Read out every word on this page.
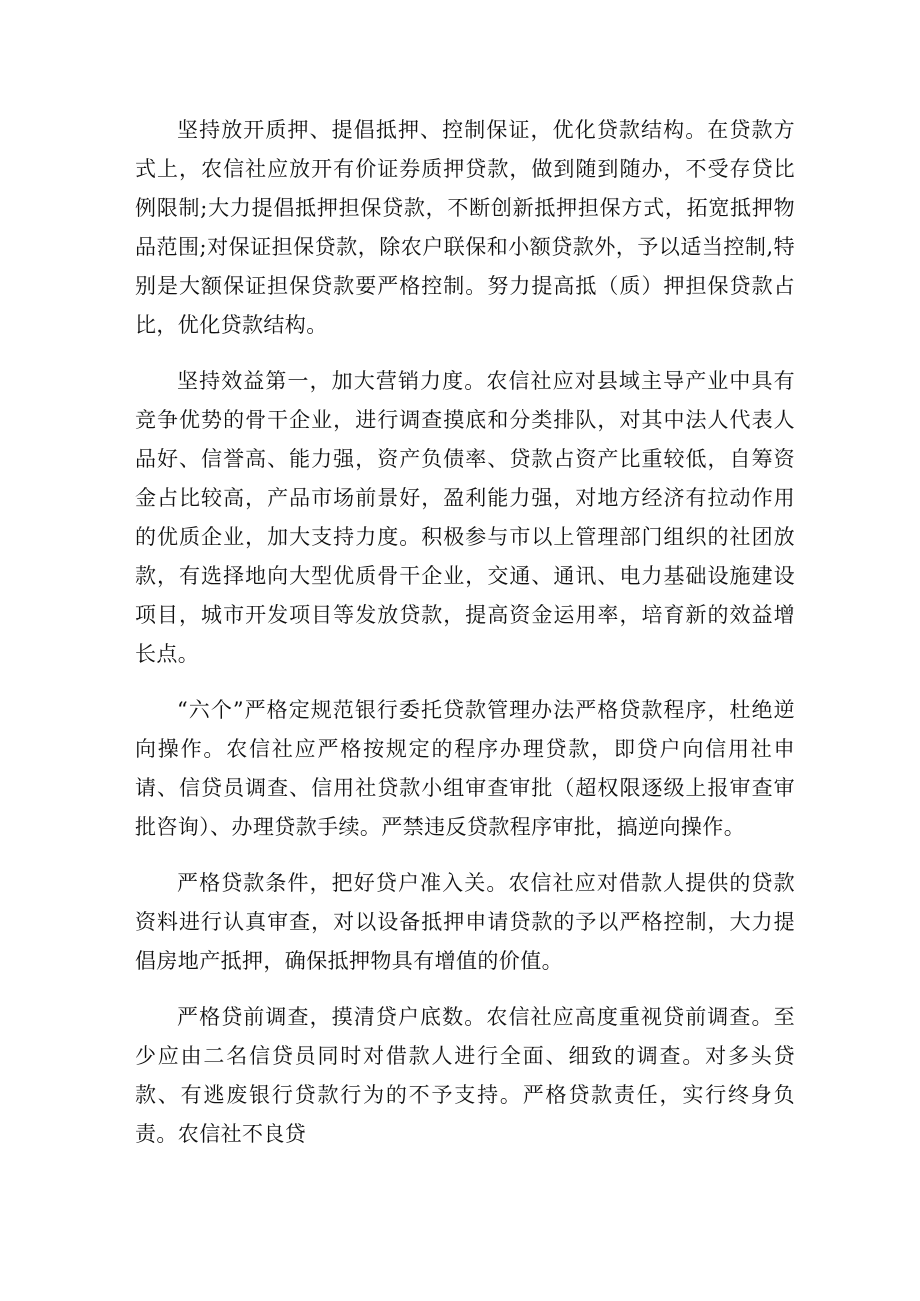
坚持放开质押、提倡抵押、控制保证，优化贷款结构。在贷款方式上，农信社应放开有价证券质押贷款，做到随到随办，不受存贷比例限制;大力提倡抵押担保贷款，不断创新抵押担保方式，拓宽抵押物品范围;对保证担保贷款，除农户联保和小额贷款外，予以适当控制,特别是大额保证担保贷款要严格控制。努力提高抵（质）押担保贷款占比，优化贷款结构。

坚持效益第一，加大营销力度。农信社应对县域主导产业中具有竞争优势的骨干企业，进行调查摸底和分类排队，对其中法人代表人品好、信誉高、能力强，资产负债率、贷款占资产比重较低，自筹资金占比较高，产品市场前景好，盈利能力强，对地方经济有拉动作用的优质企业，加大支持力度。积极参与市以上管理部门组织的社团放款，有选择地向大型优质骨干企业，交通、通讯、电力基础设施建设项目，城市开发项目等发放贷款，提高资金运用率，培育新的效益增长点。

“六个”严格定规范银行委托贷款管理办法严格贷款程序，杜绝逆向操作。农信社应严格按规定的程序办理贷款，即贷户向信用社申请、信贷员调查、信用社贷款小组审查审批（超权限逐级上报审查审批咨询）、办理贷款手续。严禁违反贷款程序审批，搞逆向操作。

严格贷款条件，把好贷户准入关。农信社应对借款人提供的贷款资料进行认真审查，对以设备抵押申请贷款的予以严格控制，大力提倡房地产抵押，确保抵押物具有增值的价值。

严格贷前调查，摸清贷户底数。农信社应高度重视贷前调查。至少应由二名信贷员同时对借款人进行全面、细致的调查。对多头贷款、有逃废银行贷款行为的不予支持。严格贷款责任，实行终身负责。农信社不良贷
